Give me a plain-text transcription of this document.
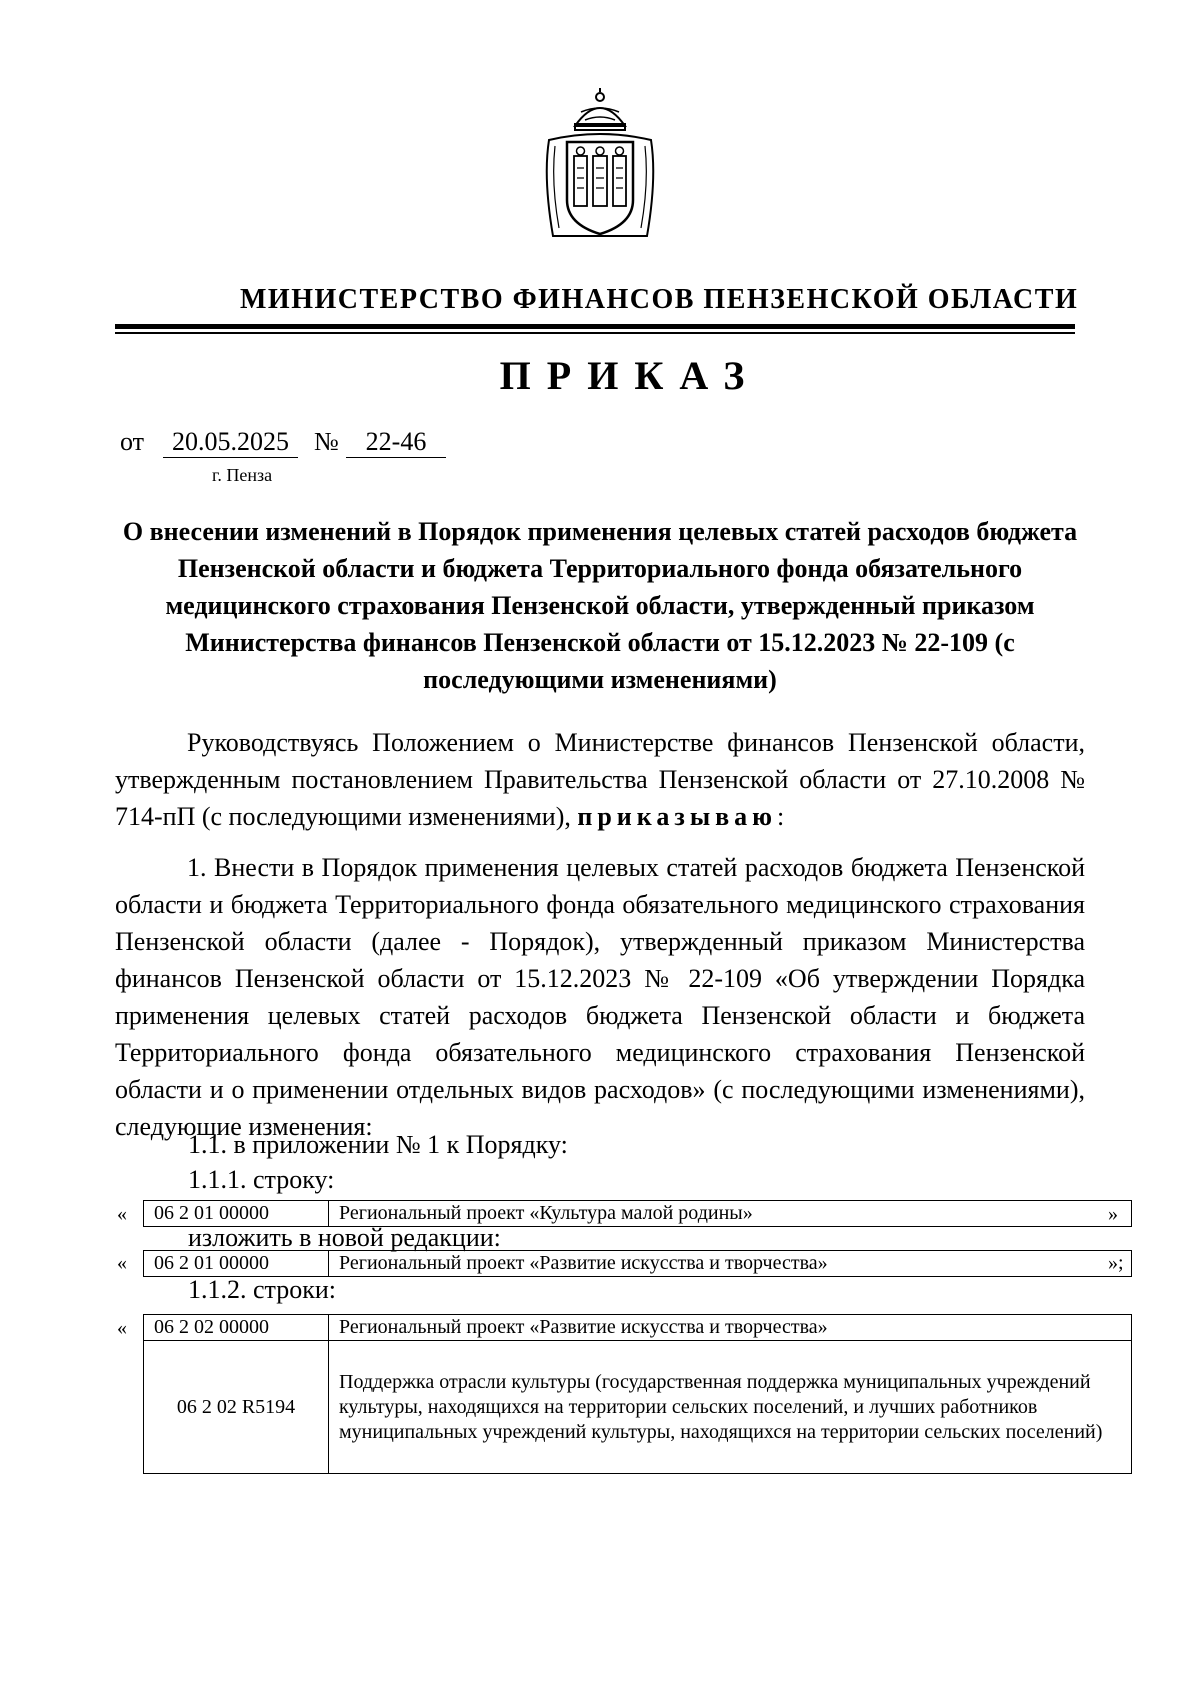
МИНИСТЕРСТВО ФИНАНСОВ ПЕНЗЕНСКОЙ ОБЛАСТИ
ПРИКАЗ
от	20.05.2025 №	22-46
г. Пенза
О внесении изменений в Порядок применения целевых статей расходов бюджета Пензенской области и бюджета Территориального фонда обязательного медицинского страхования Пензенской области, утвержденный приказом Министерства финансов Пензенской области от 15.12.2023 № 22-109 (с последующими изменениями)
Руководствуясь Положением о Министерстве финансов Пензенской области, утвержденным постановлением Правительства Пензенской области от 27.10.2008 № 714-пП (с последующими изменениями), приказываю:
1. Внести в Порядок применения целевых статей расходов бюджета Пензенской области и бюджета Территориального фонда обязательного медицинского страхования Пензенской области (далее - Порядок), утвержденный приказом Министерства финансов Пензенской области от 15.12.2023 № 22-109 «Об утверждении Порядка применения целевых статей расходов бюджета Пензенской области и бюджета Территориального фонда обязательного медицинского страхования Пензенской области и о применении отдельных видов расходов» (с последующими изменениями), следующие изменения:
1.1. в приложении № 1 к Порядку:
1.1.1. строку:
« 06 2 01 00000	Региональный проект «Культура малой родины»	»
изложить в новой редакции:
« 06 2 01 00000	Региональный проект «Развитие искусства и творчества»	»;
1.1.2. строки:
« 06 2 02 00000	Региональный проект «Развитие искусства и творчества»
06 2 02 R5194	Поддержка отрасли культуры (государственная поддержка муниципальных учреждений культуры, находящихся на территории сельских поселений, и лучших работников муниципальных учреждений культуры, находящихся на территории сельских поселений)
